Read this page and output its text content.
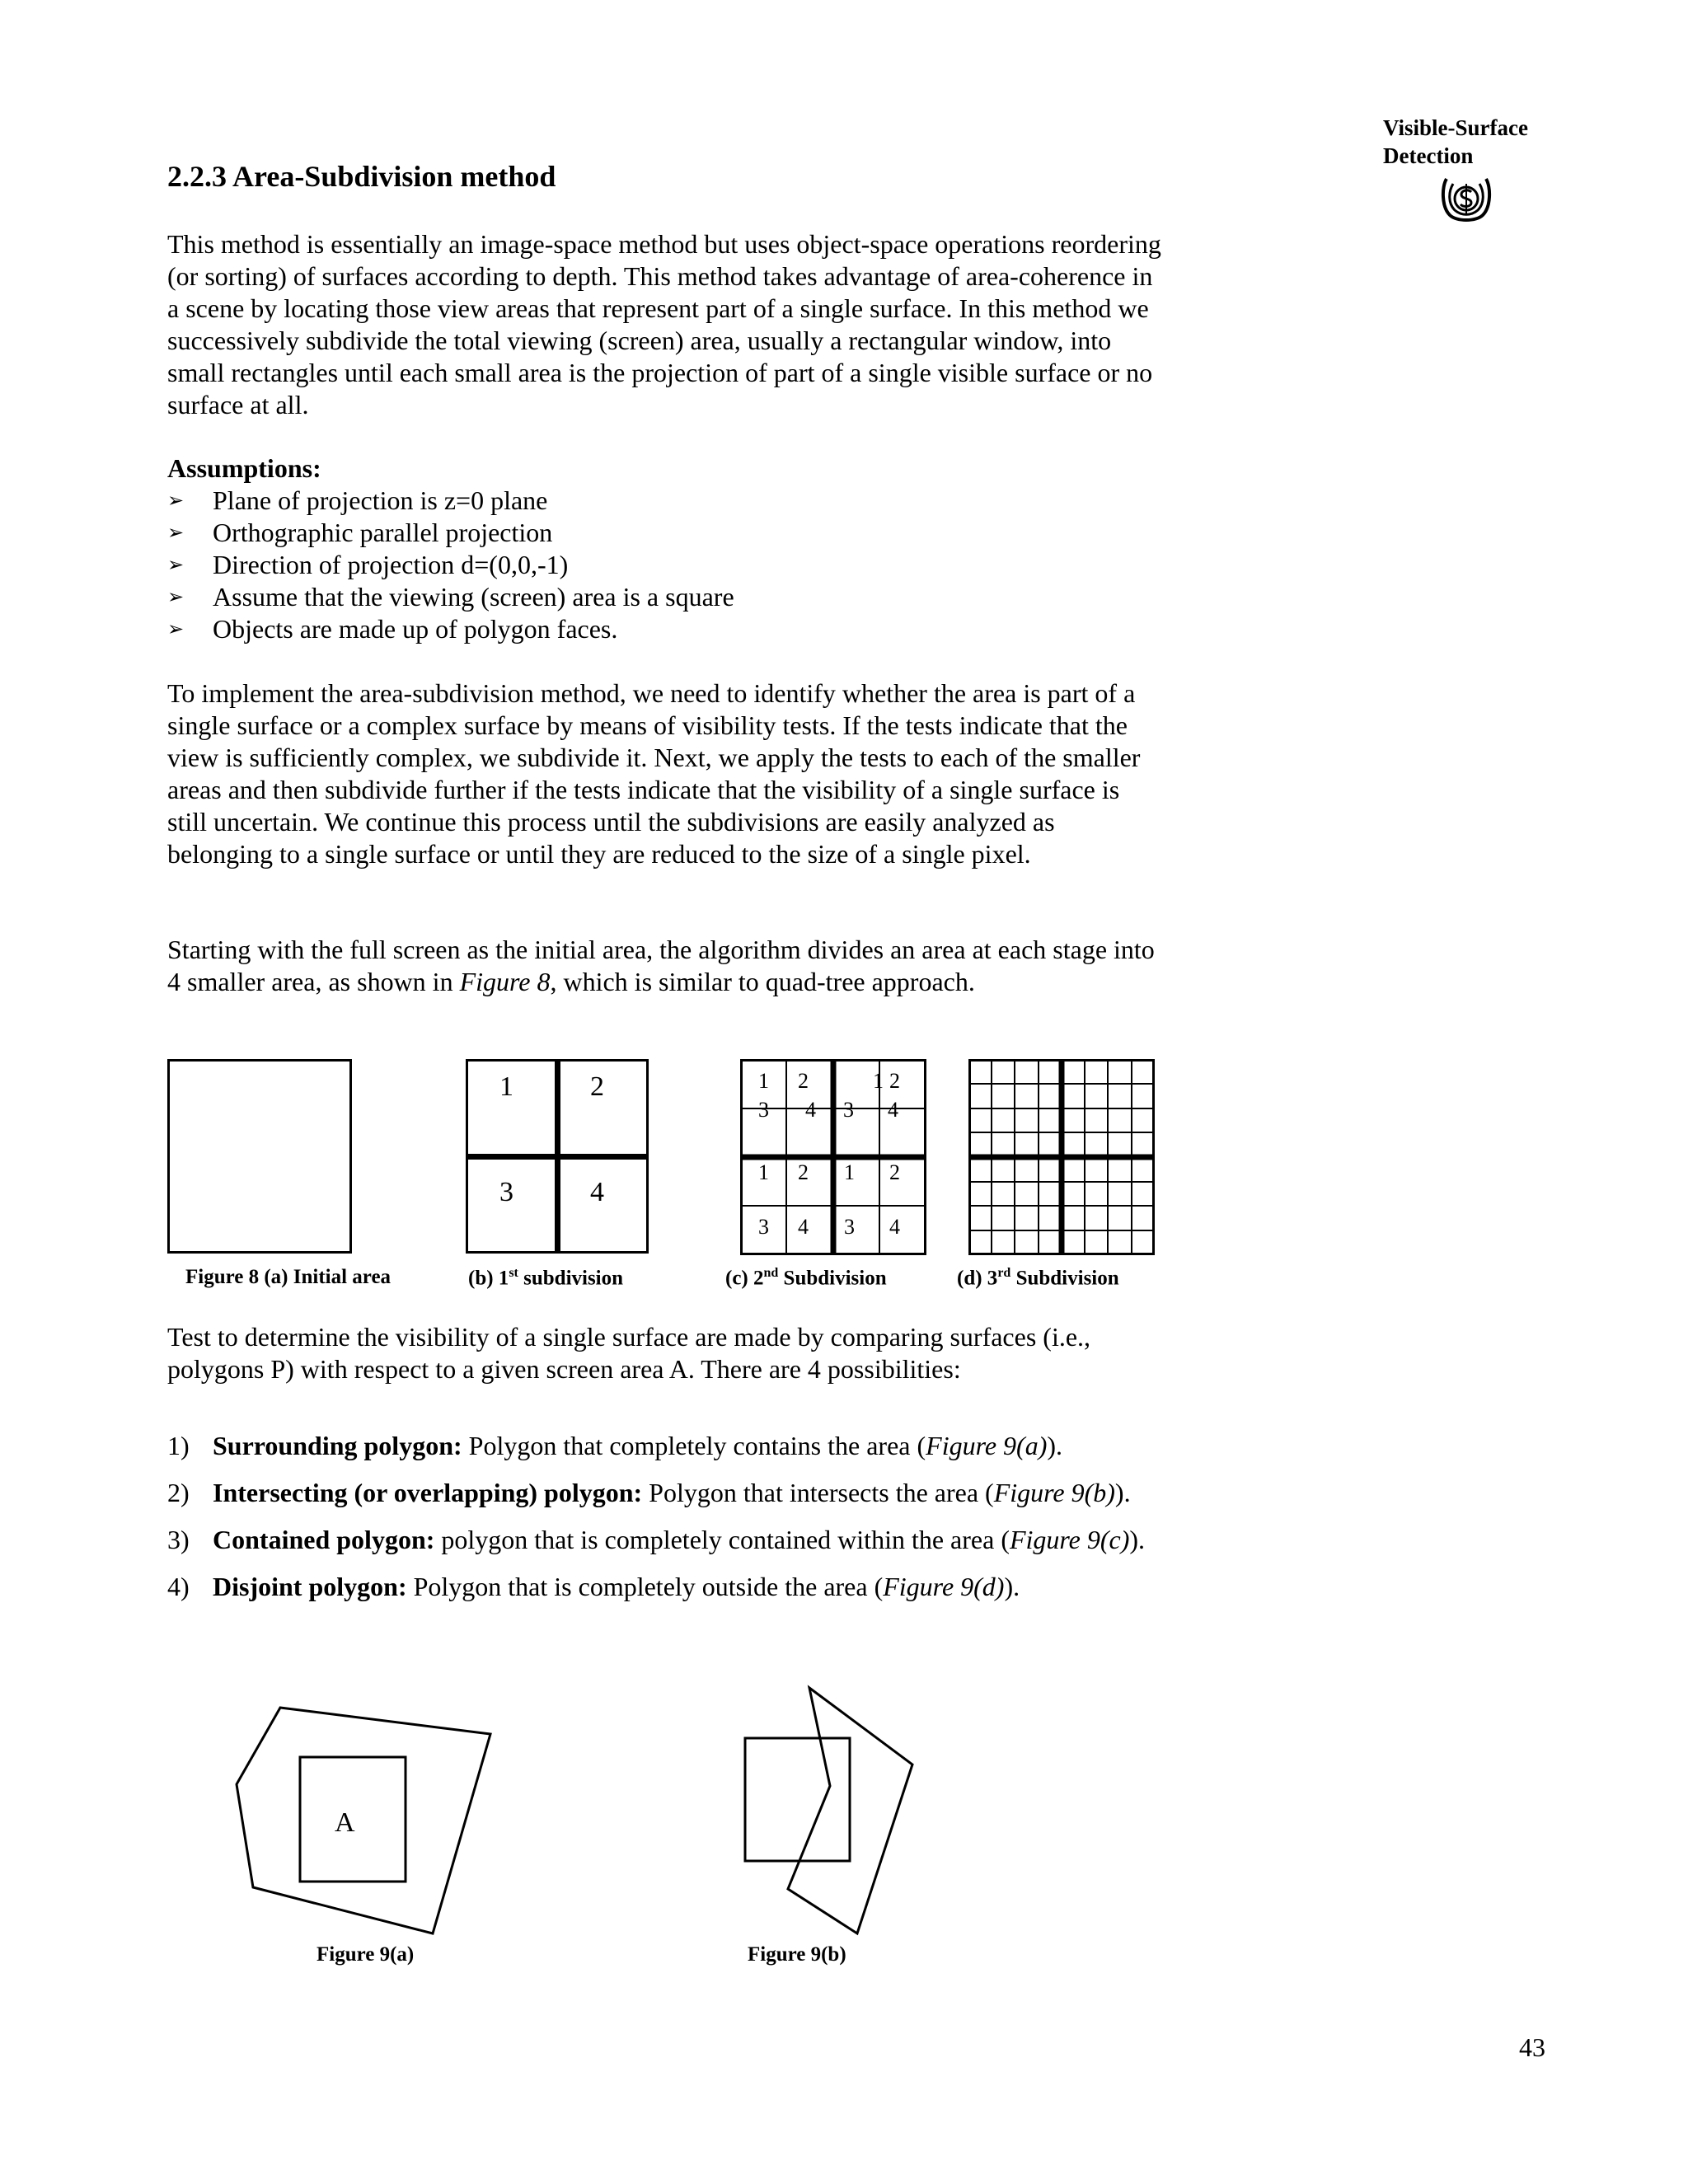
Visible-Surface
Detection
2.2.3 Area-Subdivision method

This method is essentially an image-space method but uses object-space operations reordering (or sorting) of surfaces according to depth. This method takes advantage of area-coherence in a scene by locating those view areas that represent part of a single surface. In this method we successively subdivide the total viewing (screen) area, usually a rectangular window, into small rectangles until each small area is the projection of part of a single visible surface or no surface at all.

Assumptions:
➢ Plane of projection is z=0 plane
➢ Orthographic parallel projection
➢ Direction of projection d=(0,0,-1)
➢ Assume that the viewing (screen) area is a square
➢ Objects are made up of polygon faces.

To implement the area-subdivision method, we need to identify whether the area is part of a single surface or a complex surface by means of visibility tests. If the tests indicate that the view is sufficiently complex, we subdivide it. Next, we apply the tests to each of the smaller areas and then subdivide further if the tests indicate that the visibility of a single surface is still uncertain. We continue this process until the subdivisions are easily analyzed as belonging to a single surface or until they are reduced to the size of a single pixel.

Starting with the full screen as the initial area, the algorithm divides an area at each stage into 4 smaller area, as shown in Figure 8, which is similar to quad-tree approach.

1	2
3	4
1 2
3 4
1 2
3 4
1 2 1 2
3 4 3 4
Figure 8 (a) Initial area	(b) 1st subdivision	(c) 2nd Subdivision	(d) 3rd Subdivision

Test to determine the visibility of a single surface are made by comparing surfaces (i.e., polygons P) with respect to a given screen area A. There are 4 possibilities:

1) Surrounding polygon: Polygon that completely contains the area (Figure 9(a)).
2) Intersecting (or overlapping) polygon: Polygon that intersects the area (Figure 9(b)).
3) Contained polygon: polygon that is completely contained within the area (Figure 9(c)).
4) Disjoint polygon: Polygon that is completely outside the area (Figure 9(d)).
A
Figure 9(a)	Figure 9(b)
43
